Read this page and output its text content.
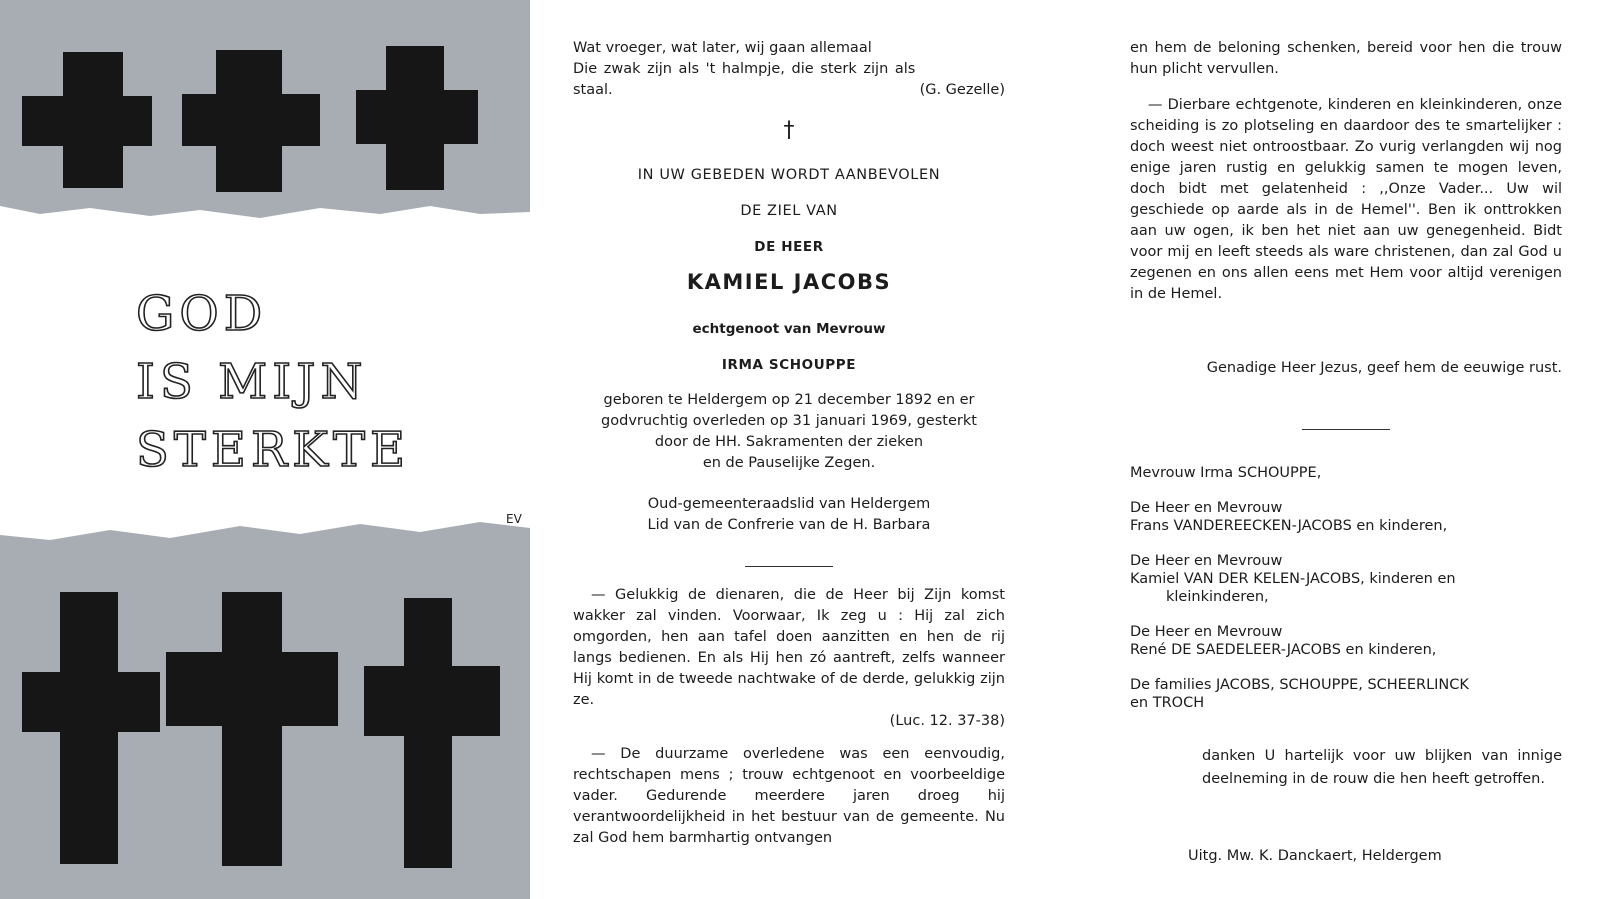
GOD
IS MIJN
STERKTE
EV
Wat vroeger, wat later, wij gaan allemaal
Die zwak zijn als 't halmpje, die sterk zijn als
staal.	(G. Gezelle)
†
IN UW GEBEDEN WORDT AANBEVOLEN
DE ZIEL VAN
DE HEER
KAMIEL JACOBS
echtgenoot van Mevrouw
IRMA SCHOUPPE
geboren te Heldergem op 21 december 1892 en er
godvruchtig overleden op 31 januari 1969, gesterkt
door de HH. Sakramenten der zieken
en de Pauselijke Zegen.
Oud-gemeenteraadslid van Heldergem
Lid van de Confrerie van de H. Barbara
— Gelukkig de dienaren, die de Heer bij Zijn komst wakker zal vinden. Voorwaar, Ik zeg u : Hij zal zich omgorden, hen aan tafel doen aanzitten en hen de rij langs bedienen. En als Hij hen zó aantreft, zelfs wanneer Hij komt in de tweede nachtwake of de derde, gelukkig zijn ze.
(Luc. 12. 37-38)
— De duurzame overledene was een eenvoudig, rechtschapen mens ; trouw echtgenoot en voorbeeldige vader. Gedurende meerdere jaren droeg hij verantwoordelijkheid in het bestuur van de gemeente. Nu zal God hem barmhartig ontvangen
en hem de beloning schenken, bereid voor hen die trouw hun plicht vervullen.
— Dierbare echtgenote, kinderen en kleinkinderen, onze scheiding is zo plotseling en daardoor des te smartelijker : doch weest niet ontroostbaar. Zo vurig verlangden wij nog enige jaren rustig en gelukkig samen te mogen leven, doch bidt met gelatenheid : ,,Onze Vader... Uw wil geschiede op aarde als in de Hemel''. Ben ik onttrokken aan uw ogen, ik ben het niet aan uw genegenheid. Bidt voor mij en leeft steeds als ware christenen, dan zal God u zegenen en ons allen eens met Hem voor altijd verenigen in de Hemel.
Genadige Heer Jezus, geef hem de eeuwige rust.
Mevrouw Irma SCHOUPPE,
De Heer en Mevrouw
Frans VANDEREECKEN-JACOBS en kinderen,
De Heer en Mevrouw
Kamiel VAN DER KELEN-JACOBS, kinderen en
kleinkinderen,
De Heer en Mevrouw
René DE SAEDELEER-JACOBS en kinderen,
De families JACOBS, SCHOUPPE, SCHEERLINCK
en TROCH
danken U hartelijk voor uw blijken van innige deelneming in de rouw die hen heeft getroffen.
Uitg. Mw. K. Danckaert, Heldergem
